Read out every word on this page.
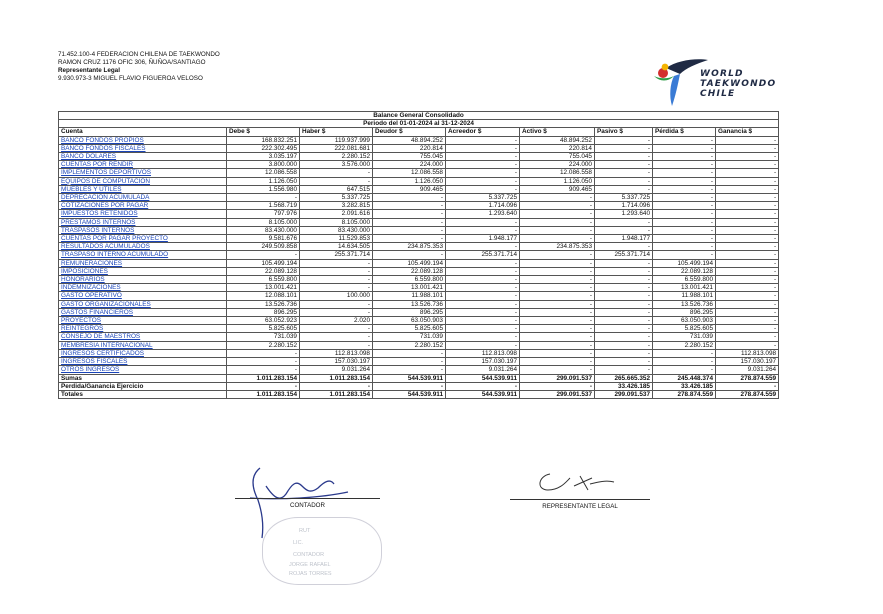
71.452.100-4 FEDERACION CHILENA DE TAEKWONDO
RAMON CRUZ 1176 OFIC 306, ÑUÑOA/SANTIAGO
Representante Legal
9.930.973-3 MIGUEL FLAVIO FIGUEROA VELOSO	WORLD
TAEKWONDO
CHILE
Balance General Consolidado								
Periodo del 01-01-2024 al 31-12-2024								
Cuenta	Debe $	Haber $	Deudor $	Acreedor $	Activo $	Pasivo $	Pérdida $	Ganancia $
BANCO FONDOS PROPIOS	168.832.251	119.937.999	48.894.252	-	48.894.252	-	-	-
BANCO FONDOS FISCALES	222.302.495	222.081.681	220.814	-	220.814	-	-	-
BANCO DOLARES	3.035.197	2.280.152	755.045	-	755.045	-	-	-
CUENTAS POR RENDIR	3.800.000	3.576.000	224.000	-	224.000	-	-	-
IMPLEMENTOS DEPORTIVOS	12.086.558	-	12.086.558	-	12.086.558	-	-	-
EQUIPOS DE COMPUTACION	1.126.050	-	1.126.050	-	1.126.050	-	-	-
MUEBLES Y UTILES	1.556.980	647.515	909.465	-	909.465	-	-	-
DEPRECACION ACUMULADA	-	5.337.725	-	5.337.725	-	5.337.725	-	-
COTIZACIONES POR PAGAR	1.568.719	3.282.815	-	1.714.096	-	1.714.096	-	-
IMPUESTOS RETENIDOS	797.976	2.091.616	-	1.293.640	-	1.293.640	-	-
PRESTAMOS INTERNOS	8.105.000	8.105.000	-	-	-	-	-	-
TRASPASOS INTERNOS	83.430.000	83.430.000	-	-	-	-	-	-
CUENTAS POR PAGAR PROYECTO	9.581.676	11.529.853	-	1.948.177	-	1.948.177	-	-
RESULTADOS ACUMULADOS	249.509.858	14.634.505	234.875.353	-	234.875.353	-	-	-
TRASPASO INTERNO ACUMULADO	-	255.371.714	-	255.371.714	-	255.371.714	-	-
REMUNERACIONES	105.499.194	-	105.499.194	-	-	-	105.499.194	-
IMPOSICIONES	22.089.128	-	22.089.128	-	-	-	22.089.128	-
HONORARIOS	6.559.800	-	6.559.800	-	-	-	6.559.800	-
INDEMNIZACIONES	13.001.421	-	13.001.421	-	-	-	13.001.421	-
GASTO OPERATIVO	12.088.101	100.000	11.988.101	-	-	-	11.988.101	-
GASTO ORGANIZACIONALES	13.526.736	-	13.526.736	-	-	-	13.526.736	-
GASTOS FINANCIEROS	896.295	-	896.295	-	-	-	896.295	-
PROYECTOS	63.052.923	2.020	63.050.903	-	-	-	63.050.903	-
REINTEGROS	5.825.605	-	5.825.605	-	-	-	5.825.605	-
CONSEJO DE MAESTROS	731.039	-	731.039	-	-	-	731.039	-
MEMBRESIA INTERNACIONAL	2.280.152	-	2.280.152	-	-	-	2.280.152	-
INGRESOS CERTIFICADOS	-	112.813.098	-	112.813.098	-	-	-	112.813.098
INGRESOS FISCALES	-	157.030.197	-	157.030.197	-	-	-	157.030.197
OTROS INGRESOS	-	9.031.264	-	9.031.264	-	-	-	9.031.264
Sumas	1.011.283.154	1.011.283.154	544.539.911	544.539.911	299.091.537	265.665.352	245.448.374	278.874.559
Perdida/Ganancia Ejercicio	-	-	-	-	-	33.426.185	33.426.185	-
Totales	1.011.283.154	1.011.283.154	544.539.911	544.539.911	299.091.537	299.091.537	278.874.559	278.874.559
CONTADOR
RUT
LIC.
CONTADOR
JORGE RAFAEL
ROJAS TORRES
REPRESENTANTE LEGAL
